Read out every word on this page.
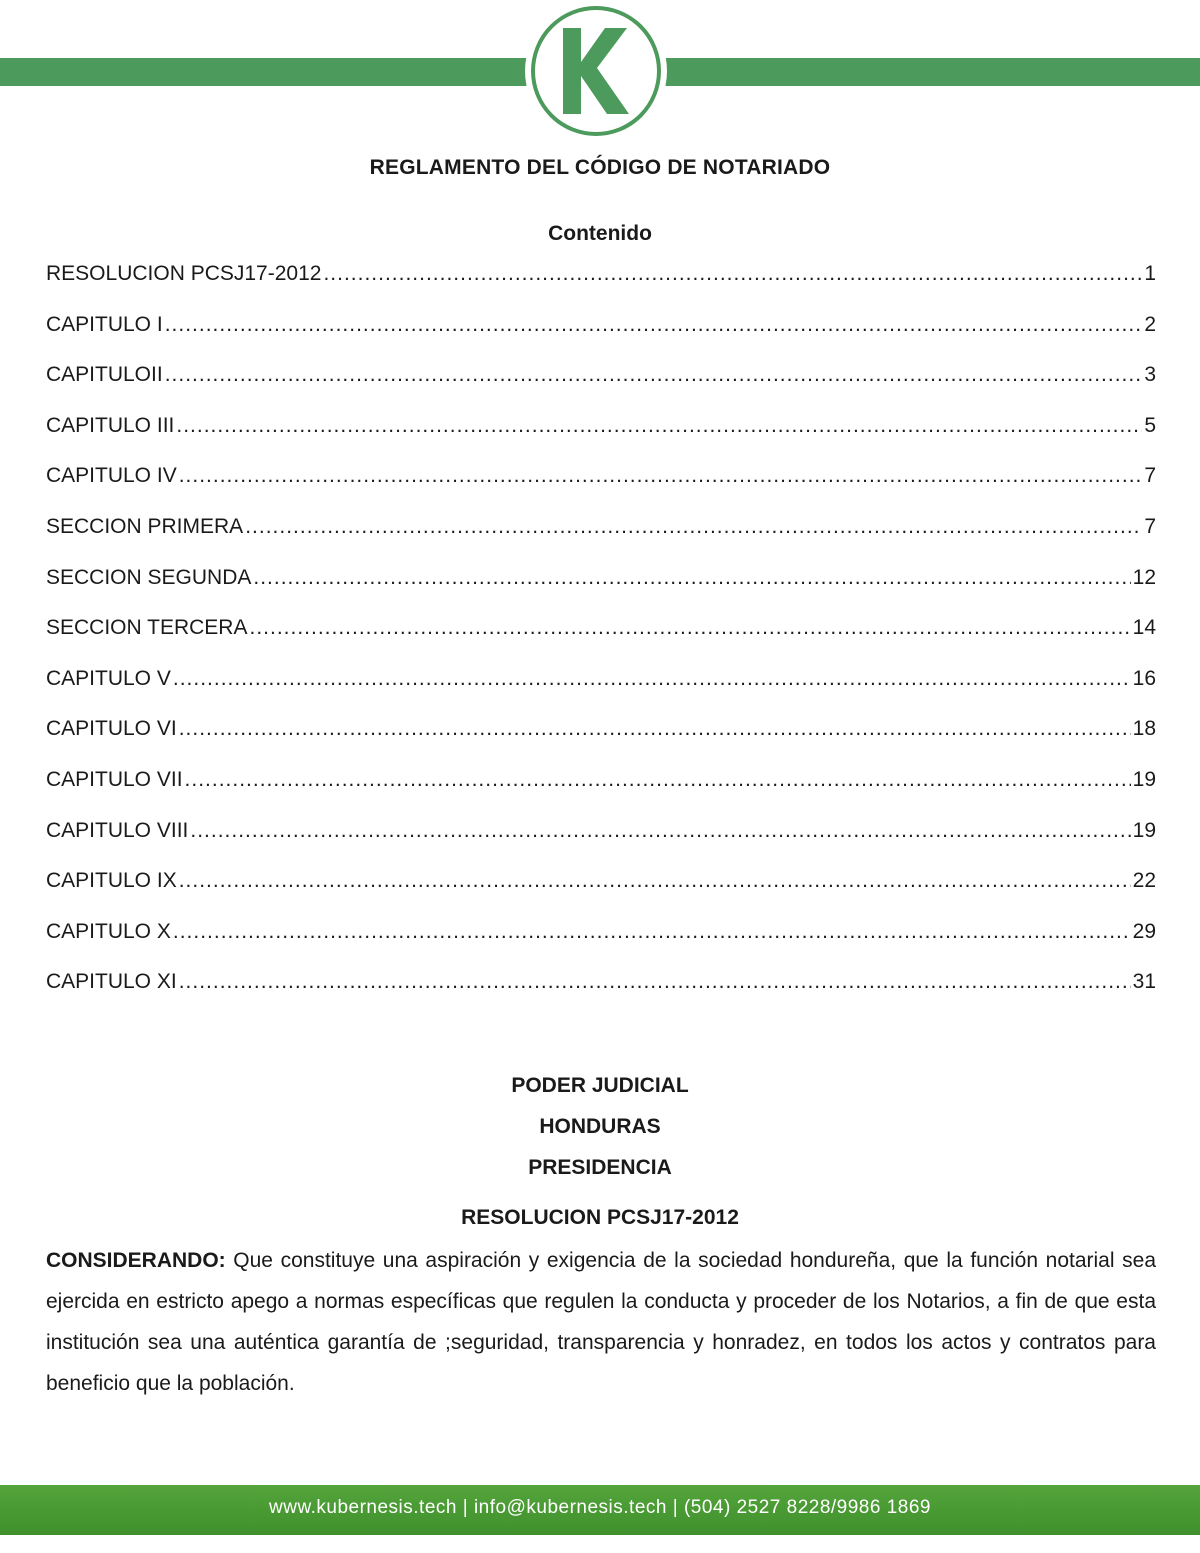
REGLAMENTO DEL CÓDIGO DE NOTARIADO
Contenido
RESOLUCION PCSJ17-2012 .....	1
CAPITULO I .....	2
CAPITULOII .....	3
CAPITULO III .....	5
CAPITULO IV .....	7
SECCION PRIMERA .....	7
SECCION SEGUNDA .....	12
SECCION TERCERA .....	14
CAPITULO V .....	16
CAPITULO VI .....	18
CAPITULO VII .....	19
CAPITULO VIII .....	19
CAPITULO IX .....	22
CAPITULO X .....	29
CAPITULO XI .....	31
PODER JUDICIAL
HONDURAS
PRESIDENCIA
RESOLUCION PCSJ17-2012
CONSIDERANDO: Que constituye una aspiración y exigencia de la sociedad hondureña, que la función notarial sea ejercida en estricto apego a normas específicas que regulen la conducta y proceder de los Notarios, a fin de que esta institución sea una auténtica garantía de ;seguridad, transparencia y honradez, en todos los actos y contratos para beneficio que la población.
www.kubernesis.tech | info@kubernesis.tech | (504) 2527 8228/9986 1869
